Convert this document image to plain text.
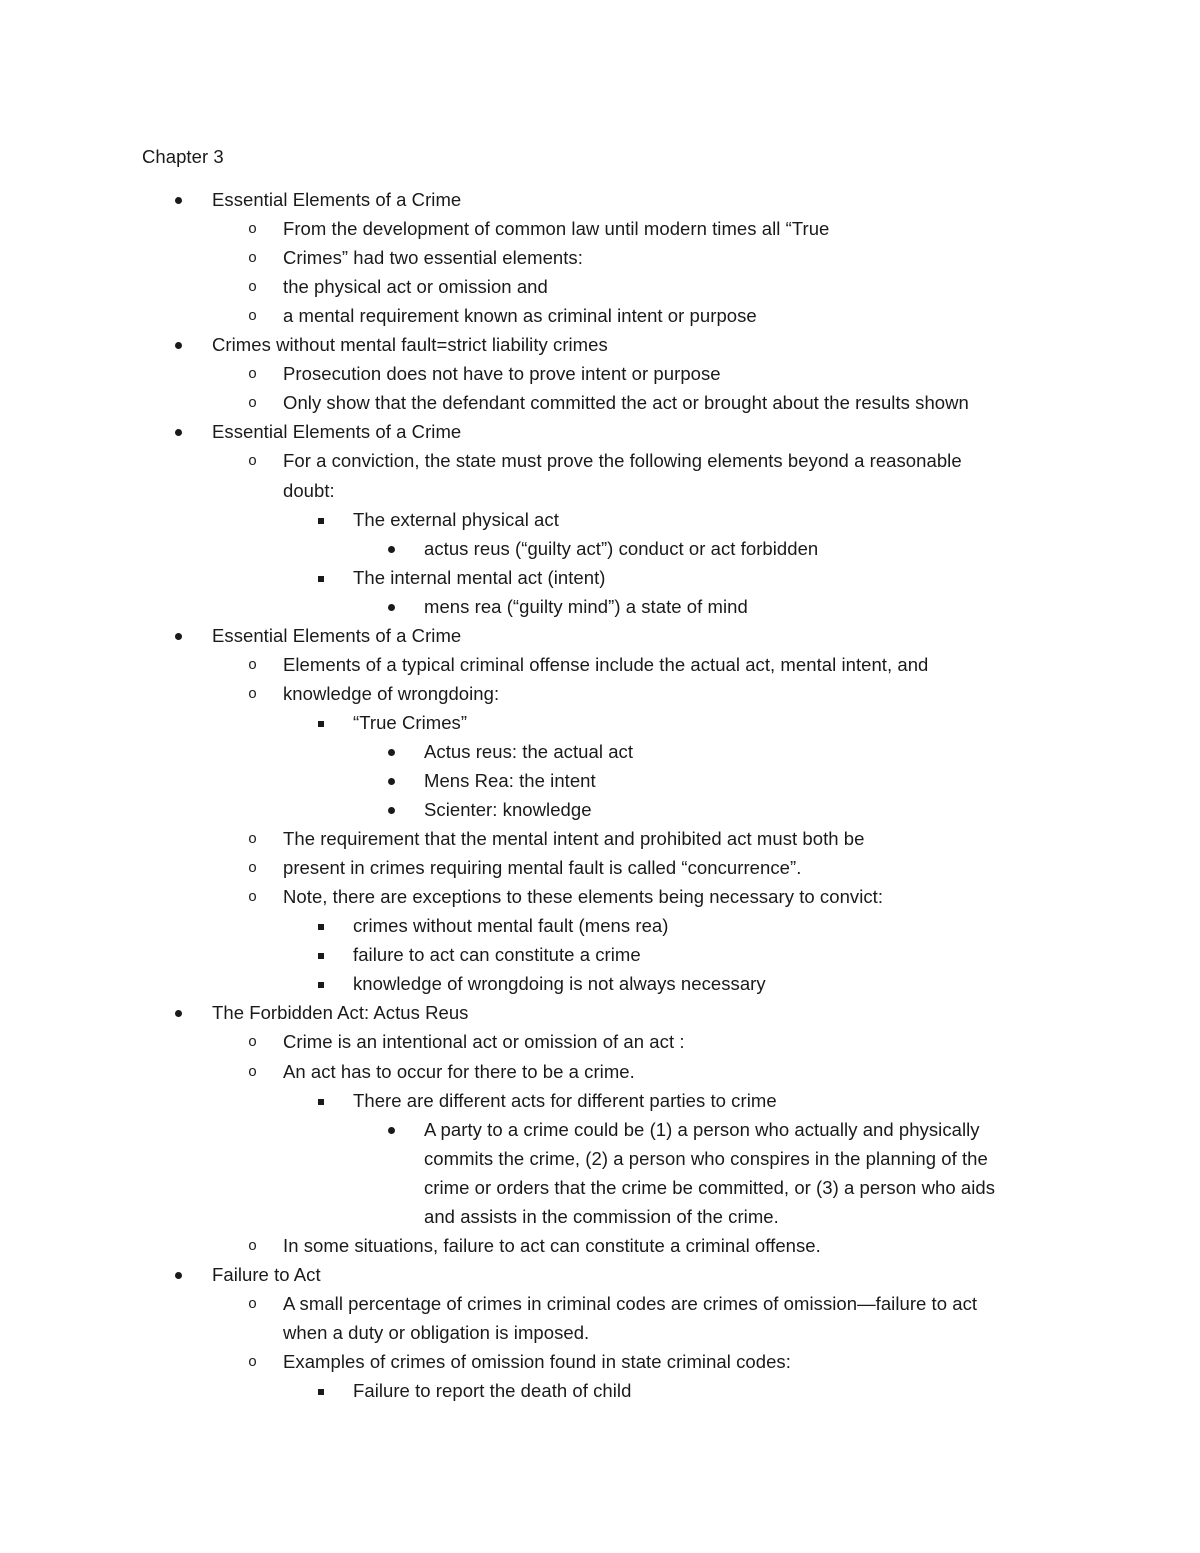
Chapter 3
Essential Elements of a Crime
o From the development of common law until modern times all “True
o Crimes” had two essential elements:
o the physical act or omission and
o a mental requirement known as criminal intent or purpose
Crimes without mental fault=strict liability crimes
o Prosecution does not have to prove intent or purpose
o Only show that the defendant committed the act or brought about the results shown
Essential Elements of a Crime
o For a conviction, the state must prove the following elements beyond a reasonable
doubt:
The external physical act
actus reus (“guilty act”) conduct or act forbidden
The internal mental act (intent)
mens rea (“guilty mind”) a state of mind
Essential Elements of a Crime
o Elements of a typical criminal offense include the actual act, mental intent, and
o knowledge of wrongdoing:
“True Crimes”
Actus reus: the actual act
Mens Rea: the intent
Scienter: knowledge
o The requirement that the mental intent and prohibited act must both be
o present in crimes requiring mental fault is called “concurrence”.
o Note, there are exceptions to these elements being necessary to convict:
crimes without mental fault (mens rea)
failure to act can constitute a crime
knowledge of wrongdoing is not always necessary
The Forbidden Act: Actus Reus
o Crime is an intentional act or omission of an act :
o An act has to occur for there to be a crime.
There are different acts for different parties to crime
A party to a crime could be (1) a person who actually and physically
commits the crime, (2) a person who conspires in the planning of the
crime or orders that the crime be committed, or (3) a person who aids
and assists in the commission of the crime.
o In some situations, failure to act can constitute a criminal offense.
Failure to Act
o A small percentage of crimes in criminal codes are crimes of omission—failure to act
when a duty or obligation is imposed.
o Examples of crimes of omission found in state criminal codes:
Failure to report the death of child
